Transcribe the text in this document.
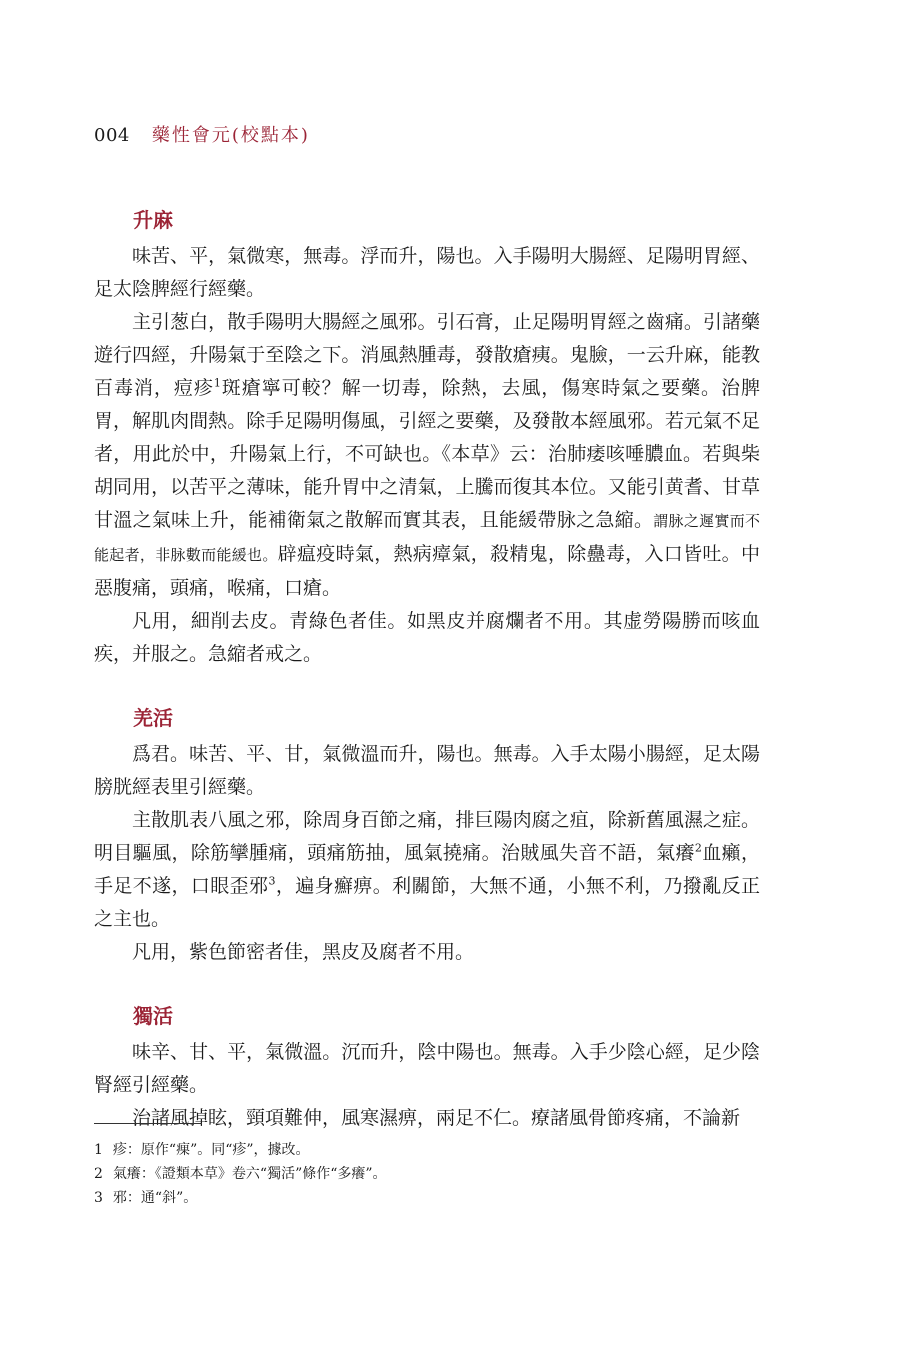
004 藥性會元(校點本)
升麻

味苦、平，氣微寒，無毒。浮而升，陽也。入手陽明大腸經、足陽明胃經、足太陰脾經行經藥。

主引葱白，散手陽明大腸經之風邪。引石膏，止足陽明胃經之齒痛。引諸藥遊行四經，升陽氣于至陰之下。消風熱腫毒，發散瘡痍。鬼臉，一云升麻，能教百毒消，痘疹$^1$斑瘡寧可較？解一切毒，除熱，去風，傷寒時氣之要藥。治脾胃，解肌肉間熱。除手足陽明傷風，引經之要藥，及發散本經風邪。若元氣不足者，用此於中，升陽氣上行，不可缺也。《本草》云：治肺痿咳唾膿血。若與柴胡同用，以苦平之薄味，能升胃中之清氣，上騰而復其本位。又能引黄耆、甘草甘溫之氣味上升，能補衛氣之散解而實其表，且能緩帶脉之急縮。謂脉之遲實而不能起者，非脉數而能緩也。辟瘟疫時氣，熱病瘴氣，殺精鬼，除蠱毒，入口皆吐。中惡腹痛，頭痛，喉痛，口瘡。

凡用，細削去皮。青綠色者佳。如黑皮并腐爛者不用。其虚勞陽勝而咳血疾，并服之。急縮者戒之。

羌活

爲君。味苦、平、甘，氣微溫而升，陽也。無毒。入手太陽小腸經，足太陽膀胱經表里引經藥。

主散肌表八風之邪，除周身百節之痛，排巨陽肉腐之疽，除新舊風濕之症。明目驅風，除筋攣腫痛，頭痛筋抽，風氣撓痛。治賊風失音不語，氣癢$^2$血癩，手足不遂，口眼歪邪$^3$，遍身癬痹。利關節，大無不通，小無不利，乃撥亂反正之主也。

凡用，紫色節密者佳，黑皮及腐者不用。

獨活

味辛、甘、平，氣微溫。沉而升，陰中陽也。無毒。入手少陰心經，足少陰腎經引經藥。

治諸風掉眩，頸項難伸，風寒濕痹，兩足不仁。療諸風骨節疼痛，不論新

1 疹：原作“㾧”。同“疹”，據改。
2 氣癢：《證類本草》卷六“獨活”條作“多癢”。
3 邪：通“斜”。
